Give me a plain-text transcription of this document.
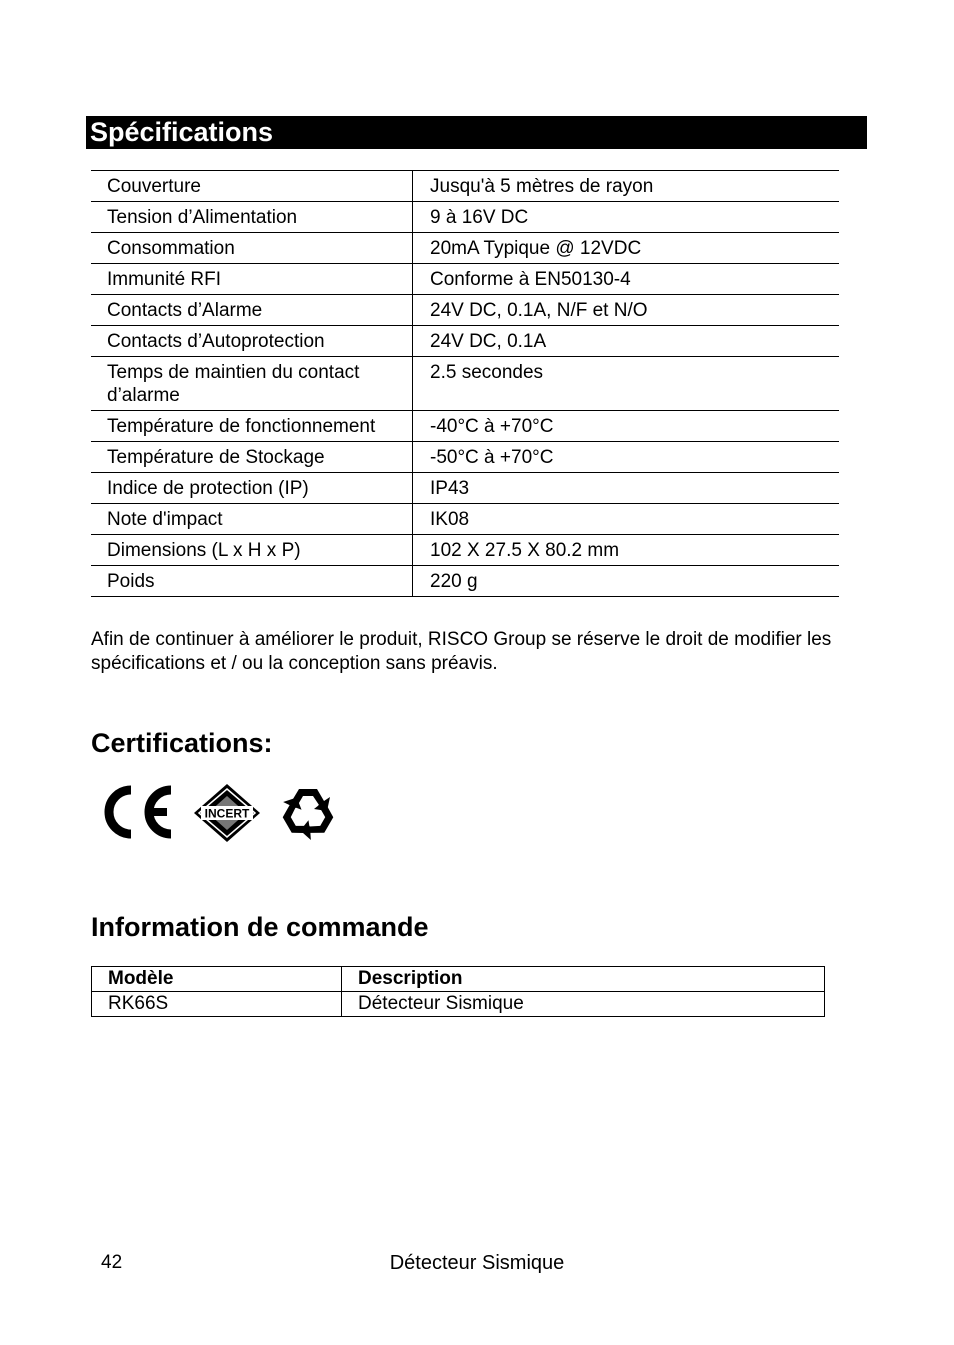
Spécifications
Couverture	Jusqu'à 5 mètres de rayon
Tension d’Alimentation	9 à 16V DC
Consommation	20mA Typique @ 12VDC
Immunité RFI	Conforme à EN50130-4
Contacts d’Alarme	24V DC, 0.1A, N/F et N/O
Contacts d’Autoprotection	24V DC, 0.1A
Temps de maintien du contact d’alarme	2.5 secondes
Température de fonctionnement	-40°C à +70°C
Température de Stockage	-50°C à +70°C
Indice de protection (IP)	IP43
Note d'impact	IK08
Dimensions (L x H x P)	102 X 27.5 X 80.2 mm
Poids	220 g
Afin de continuer à améliorer le produit, RISCO Group se réserve le droit de modifier les spécifications et / ou la conception sans préavis.
Certifications:
INCERT
Information de commande
Modèle	Description
RK66S	Détecteur Sismique
42	Détecteur Sismique
